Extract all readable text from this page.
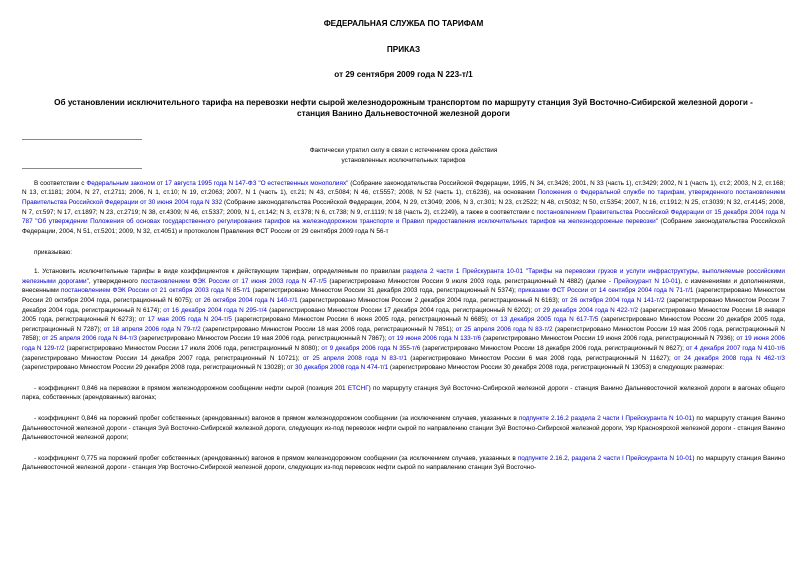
ФЕДЕРАЛЬНАЯ СЛУЖБА ПО ТАРИФАМ
ПРИКАЗ
от 29 сентября 2009 года N 223-т/1
Об установлении исключительного тарифа на перевозки нефти сырой железнодорожным транспортом по маршруту станция Зуй Восточно-Сибирской железной дороги - станция Ванино Дальневосточной железной дороги
Фактически утратил силу в связи с истечением срока действия
установленных исключительных тарифов

В соответствии с Федеральным законом от 17 августа 1995 года N 147-ФЗ "О естественных монополиях" (Собрание законодательства Российской Федерации, 1995, N 34, ст.3426; 2001, N 33 (часть 1), ст.3429; 2002, N 1 (часть 1), ст.2; 2003, N 2, ст.168; N 13, ст.1181; 2004, N 27, ст.2711; 2006, N 1, ст.10; N 19, ст.2063; 2007, N 1 (часть 1), ст.21; N 43, ст.5084; N 46, ст.5557; 2008, N 52 (часть 1), ст.6236), на основании Положения о Федеральной службе по тарифам, утвержденного постановлением Правительства Российской Федерации от 30 июня 2004 года N 332 (Собрание законодательства Российской Федерации, 2004, N 29, ст.3049; 2006, N 3, ст.301; N 23, ст.2522; N 48, ст.5032; N 50, ст.5354; 2007, N 16, ст.1912; N 25, ст.3039; N 32, ст.4145; 2008, N 7, ст.597; N 17, ст.1897; N 23, ст.2719; N 38, ст.4309; N 46, ст.5337; 2009, N 1, ст.142; N 3, ст.378; N 6, ст.738; N 9, ст.1119; N 18 (часть 2), ст.2249), а также в соответствии с постановлением Правительства Российской Федерации от 15 декабря 2004 года N 787 "Об утверждении Положения об основах государственного регулирования тарифов на железнодорожном транспорте и Правил предоставления исключительных тарифов на железнодорожные перевозки" (Собрание законодательства Российской Федерации, 2004, N 51, ст.5201; 2009, N 32, ст.4051) и протоколом Правления ФСТ России от 29 сентября 2009 года N 56-т

приказываю:

1. Установить исключительные тарифы в виде коэффициентов к действующим тарифам, определяемым по правилам раздела 2 части 1 Прейскуранта 10-01 "Тарифы на перевозки грузов и услуги инфраструктуры, выполняемые российскими железными дорогами", утвержденного постановлением ФЭК России от 17 июня 2003 года N 47-т/5 (зарегистрировано Минюстом России 9 июля 2003 года, регистрационный N 4882) (далее - Прейскурант N 10-01), с изменениями и дополнениями, внесенными постановлением ФЭК России от 21 октября 2003 года N 85-т/1 (зарегистрировано Минюстом России 31 декабря 2003 года, регистрационный N 5374); приказами ФСТ России от 14 сентября 2004 года N 71-т/1 (зарегистрировано Минюстом России 20 октября 2004 года, регистрационный N 6075); от 26 октября 2004 года N 140-т/1 (зарегистрировано Минюстом России 2 декабря 2004 года, регистрационный N 6163); от 26 октября 2004 года N 141-т/2 (зарегистрировано Минюстом России 7 декабря 2004 года, регистрационный N 6174); от 16 декабря 2004 года N 295-т/4 (зарегистрировано Минюстом России 17 декабря 2004 года, регистрационный N 6202); от 29 декабря 2004 года N 422-т/2 (зарегистрировано Минюстом России 18 января 2005 года, регистрационный N 6273); от 17 мая 2005 года N 204-т/5 (зарегистрировано Минюстом России 6 июня 2005 года, регистрационный N 6685); от 13 декабря 2005 года N 617-Т/5 (зарегистрировано Минюстом России 20 декабря 2005 года, регистрационный N 7287); от 18 апреля 2006 года N 79-т/2 (зарегистрировано Минюстом России 18 мая 2006 года, регистрационный N 7851); от 25 апреля 2006 года N 83-т/2 (зарегистрировано Минюстом России 19 мая 2006 года, регистрационный N 7858); от 25 апреля 2006 года N 84-т/3 (зарегистрировано Минюстом России 19 мая 2006 года, регистрационный N 7867); от 19 июня 2006 года N 133-т/6 (зарегистрировано Минюстом России 19 июня 2006 года, регистрационный N 7936); от 19 июня 2006 года N 129-т/2 (зарегистрировано Минюстом России 17 июля 2006 года, регистрационный N 8080); от 9 декабря 2006 года N 355-т/6 (зарегистрировано Минюстом России 18 декабря 2006 года, регистрационный N 8627); от 4 декабря 2007 года N 410-т/6 (зарегистрировано Минюстом России 14 декабря 2007 года, регистрационный N 10721); от 25 апреля 2008 года N 83-т/1 (зарегистрировано Минюстом России 6 мая 2008 года, регистрационный N 11627); от 24 декабря 2008 года N 462-т/3 (зарегистрировано Минюстом России 29 декабря 2008 года, регистрационный N 13028); от 30 декабря 2008 года N 474-т/1 (зарегистрировано Минюстом России 30 декабря 2008 года, регистрационный N 13053) в следующих размерах:

- коэффициент 0,846 на перевозки в прямом железнодорожном сообщении нефти сырой (позиция 201 ЕТСНГ) по маршруту станция Зуй Восточно-Сибирской железной дороги - станция Ванино Дальневосточной железной дороги в вагонах общего парка, собственных (арендованных) вагонах;

- коэффициент 0,846 на порожний пробег собственных (арендованных) вагонов в прямом железнодорожном сообщении (за исключением случаев, указанных в подпункте 2.16.2 раздела 2 части I Прейскуранта N 10-01) по маршруту станция Ванино Дальневосточной железной дороги - станция Зуй Восточно-Сибирской железной дороги, следующих из-под перевозок нефти сырой по направлению станции Зуй Восточно-Сибирской железной дороги, Уяр Красноярской железной дороги - станция Ванино Дальневосточной железной дороги;

- коэффициент 0,775 на порожний пробег собственных (арендованных) вагонов в прямом железнодорожном сообщении (за исключением случаев, указанных в подпункте 2.16.2, раздела 2 части I Прейскуранта N 10-01) по маршруту станция Ванино Дальневосточной железной дороги - станция Уяр Восточно-Сибирской железной дороги, следующих из-под перевозок нефти сырой по направлению станции Зуй Восточно-
